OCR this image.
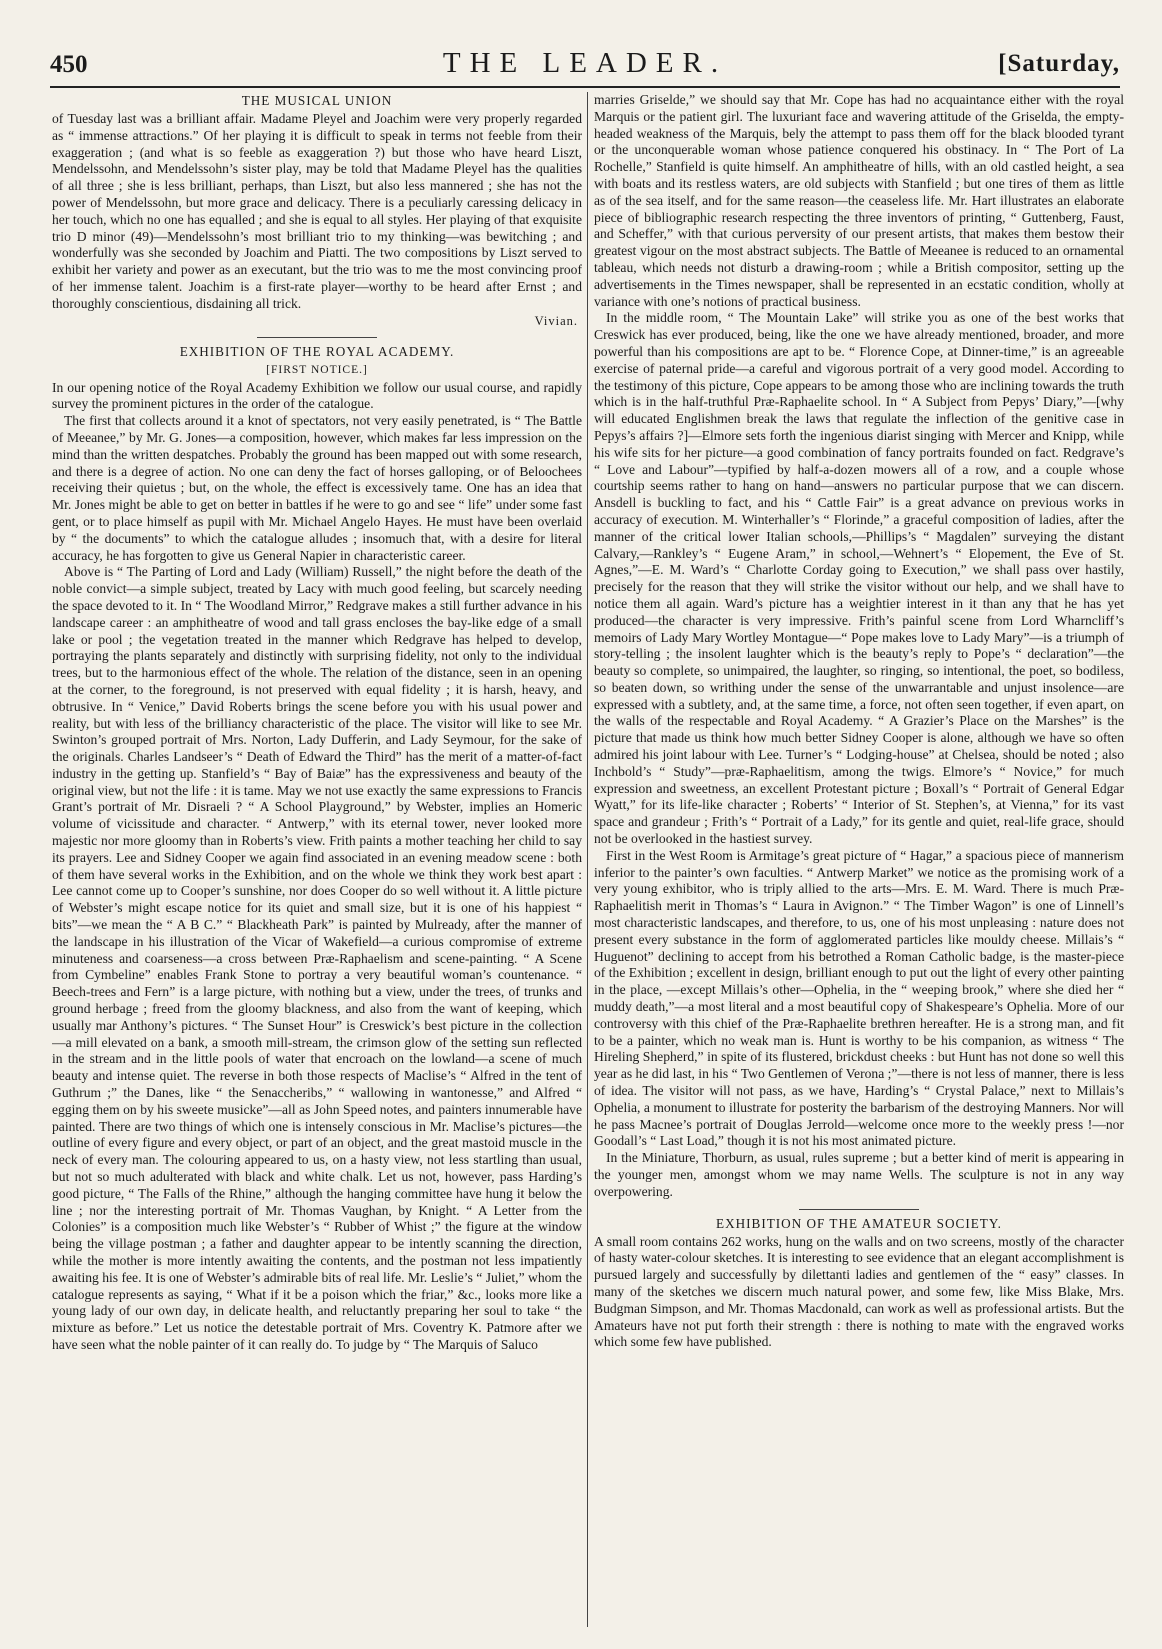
450	THE LEADER.	[Saturday,
THE MUSICAL UNION

of Tuesday last was a brilliant affair. Madame Pleyel and Joachim were very properly regarded as “ immense attractions.” Of her playing it is difficult to speak in terms not feeble from their exaggeration ; (and what is so feeble as exaggeration ?) but those who have heard Liszt, Mendelssohn, and Mendelssohn’s sister play, may be told that Madame Pleyel has the qualities of all three ; she is less brilliant, perhaps, than Liszt, but also less mannered ; she has not the power of Mendelssohn, but more grace and delicacy. There is a peculiarly caressing delicacy in her touch, which no one has equalled ; and she is equal to all styles. Her playing of that exquisite trio D minor (49)—Mendelssohn’s most brilliant trio to my thinking—was bewitching ; and wonderfully was she seconded by Joachim and Piatti. The two compositions by Liszt served to exhibit her variety and power as an executant, but the trio was to me the most convincing proof of her immense talent. Joachim is a first-rate player—worthy to be heard after Ernst ; and thoroughly conscientious, disdaining all trick.

Vivian.
EXHIBITION OF THE ROYAL ACADEMY.
[FIRST NOTICE.]

In our opening notice of the Royal Academy Exhibition we follow our usual course, and rapidly survey the prominent pictures in the order of the catalogue.

The first that collects around it a knot of spectators, not very easily penetrated, is “ The Battle of Meeanee,” by Mr. G. Jones—a composition, however, which makes far less impression on the mind than the written despatches. Probably the ground has been mapped out with some research, and there is a degree of action. No one can deny the fact of horses galloping, or of Beloochees receiving their quietus ; but, on the whole, the effect is excessively tame. One has an idea that Mr. Jones might be able to get on better in battles if he were to go and see “ life” under some fast gent, or to place himself as pupil with Mr. Michael Angelo Hayes. He must have been overlaid by “ the documents” to which the catalogue alludes ; insomuch that, with a desire for literal accuracy, he has forgotten to give us General Napier in characteristic career.

Above is “ The Parting of Lord and Lady (William) Russell,” the night before the death of the noble convict—a simple subject, treated by Lacy with much good feeling, but scarcely needing the space devoted to it. In “ The Woodland Mirror,” Redgrave makes a still further advance in his landscape career : an amphitheatre of wood and tall grass encloses the bay-like edge of a small lake or pool ; the vegetation treated in the manner which Redgrave has helped to develop, portraying the plants separately and distinctly with surprising fidelity, not only to the individual trees, but to the harmonious effect of the whole. The relation of the distance, seen in an opening at the corner, to the foreground, is not preserved with equal fidelity ; it is harsh, heavy, and obtrusive. In “ Venice,” David Roberts brings the scene before you with his usual power and reality, but with less of the brilliancy characteristic of the place. The visitor will like to see Mr. Swinton’s grouped portrait of Mrs. Norton, Lady Dufferin, and Lady Seymour, for the sake of the originals. Charles Landseer’s “ Death of Edward the Third” has the merit of a matter-of-fact industry in the getting up. Stanfield’s “ Bay of Baiæ” has the expressiveness and beauty of the original view, but not the life : it is tame. May we not use exactly the same expressions to Francis Grant’s portrait of Mr. Disraeli ? “ A School Playground,” by Webster, implies an Homeric volume of vicissitude and character. “ Antwerp,” with its eternal tower, never looked more majestic nor more gloomy than in Roberts’s view. Frith paints a mother teaching her child to say its prayers. Lee and Sidney Cooper we again find associated in an evening meadow scene : both of them have several works in the Exhibition, and on the whole we think they work best apart : Lee cannot come up to Cooper’s sunshine, nor does Cooper do so well without it. A little picture of Webster’s might escape notice for its quiet and small size, but it is one of his happiest “ bits”—we mean the “ A B C.” “ Blackheath Park” is painted by Mulready, after the manner of the landscape in his illustration of the Vicar of Wakefield—a curious compromise of extreme minuteness and coarseness—a cross between Præ-Raphaelism and scene-painting. “ A Scene from Cymbeline” enables Frank Stone to portray a very beautiful woman’s countenance. “ Beech-trees and Fern” is a large picture, with nothing but a view, under the trees, of trunks and ground herbage ; freed from the gloomy blackness, and also from the want of keeping, which usually mar Anthony’s pictures. “ The Sunset Hour” is Creswick’s best picture in the collection—a mill elevated on a bank, a smooth mill-stream, the crimson glow of the setting sun reflected in the stream and in the little pools of water that encroach on the lowland—a scene of much beauty and intense quiet. The reverse in both those respects of Maclise’s “ Alfred in the tent of Guthrum ;” the Danes, like “ the Senaccheribs,” “ wallowing in wantonesse,” and Alfred “ egging them on by his sweete musicke”—all as John Speed notes, and painters innumerable have painted. There are two things of which one is intensely conscious in Mr. Maclise’s pictures—the outline of every figure and every object, or part of an object, and the great mastoid muscle in the neck of every man. The colouring appeared to us, on a hasty view, not less startling than usual, but not so much adulterated with black and white chalk. Let us not, however, pass Harding’s good picture, “ The Falls of the Rhine,” although the hanging committee have hung it below the line ; nor the interesting portrait of Mr. Thomas Vaughan, by Knight. “ A Letter from the Colonies” is a composition much like Webster’s “ Rubber of Whist ;” the figure at the window being the village postman ; a father and daughter appear to be intently scanning the direction, while the mother is more intently awaiting the contents, and the postman not less impatiently awaiting his fee. It is one of Webster’s admirable bits of real life. Mr. Leslie’s “ Juliet,” whom the catalogue represents as saying, “ What if it be a poison which the friar,” &c., looks more like a young lady of our own day, in delicate health, and reluctantly preparing her soul to take “ the mixture as before.” Let us notice the detestable portrait of Mrs. Coventry K. Patmore after we have seen what the noble painter of it can really do. To judge by “ The Marquis of Saluco

marries Griselde,” we should say that Mr. Cope has had no acquaintance either with the royal Marquis or the patient girl. The luxuriant face and wavering attitude of the Griselda, the empty-headed weakness of the Marquis, bely the attempt to pass them off for the black blooded tyrant or the unconquerable woman whose patience conquered his obstinacy. In “ The Port of La Rochelle,” Stanfield is quite himself. An amphitheatre of hills, with an old castled height, a sea with boats and its restless waters, are old subjects with Stanfield ; but one tires of them as little as of the sea itself, and for the same reason—the ceaseless life. Mr. Hart illustrates an elaborate piece of bibliographic research respecting the three inventors of printing, “ Guttenberg, Faust, and Scheffer,” with that curious perversity of our present artists, that makes them bestow their greatest vigour on the most abstract subjects. The Battle of Meeanee is reduced to an ornamental tableau, which needs not disturb a drawing-room ; while a British compositor, setting up the advertisements in the Times newspaper, shall be represented in an ecstatic condition, wholly at variance with one’s notions of practical business.

In the middle room, “ The Mountain Lake” will strike you as one of the best works that Creswick has ever produced, being, like the one we have already mentioned, broader, and more powerful than his compositions are apt to be. “ Florence Cope, at Dinner-time,” is an agreeable exercise of paternal pride—a careful and vigorous portrait of a very good model. According to the testimony of this picture, Cope appears to be among those who are inclining towards the truth which is in the half-truthful Præ-Raphaelite school. In “ A Subject from Pepys’ Diary,”—[why will educated Englishmen break the laws that regulate the inflection of the genitive case in Pepys’s affairs ?]—Elmore sets forth the ingenious diarist singing with Mercer and Knipp, while his wife sits for her picture—a good combination of fancy portraits founded on fact. Redgrave’s “ Love and Labour”—typified by half-a-dozen mowers all of a row, and a couple whose courtship seems rather to hang on hand—answers no particular purpose that we can discern. Ansdell is buckling to fact, and his “ Cattle Fair” is a great advance on previous works in accuracy of execution. M. Winterhaller’s “ Florinde,” a graceful composition of ladies, after the manner of the critical lower Italian schools,—Phillips’s “ Magdalen” surveying the distant Calvary,—Rankley’s “ Eugene Aram,” in school,—Wehnert’s “ Elopement, the Eve of St. Agnes,”—E. M. Ward’s “ Charlotte Corday going to Execution,” we shall pass over hastily, precisely for the reason that they will strike the visitor without our help, and we shall have to notice them all again. Ward’s picture has a weightier interest in it than any that he has yet produced—the character is very impressive. Frith’s painful scene from Lord Wharncliff’s memoirs of Lady Mary Wortley Montague—“ Pope makes love to Lady Mary”—is a triumph of story-telling ; the insolent laughter which is the beauty’s reply to Pope’s “ declaration”—the beauty so complete, so unimpaired, the laughter, so ringing, so intentional, the poet, so bodiless, so beaten down, so writhing under the sense of the unwarrantable and unjust insolence—are expressed with a subtlety, and, at the same time, a force, not often seen together, if even apart, on the walls of the respectable and Royal Academy. “ A Grazier’s Place on the Marshes” is the picture that made us think how much better Sidney Cooper is alone, although we have so often admired his joint labour with Lee. Turner’s “ Lodging-house” at Chelsea, should be noted ; also Inchbold’s “ Study”—præ-Raphaelitism, among the twigs. Elmore’s “ Novice,” for much expression and sweetness, an excellent Protestant picture ; Boxall’s “ Portrait of General Edgar Wyatt,” for its life-like character ; Roberts’ “ Interior of St. Stephen’s, at Vienna,” for its vast space and grandeur ; Frith’s “ Portrait of a Lady,” for its gentle and quiet, real-life grace, should not be overlooked in the hastiest survey.

First in the West Room is Armitage’s great picture of “ Hagar,” a spacious piece of mannerism inferior to the painter’s own faculties. “ Antwerp Market” we notice as the promising work of a very young exhibitor, who is triply allied to the arts—Mrs. E. M. Ward. There is much Præ-Raphaelitish merit in Thomas’s “ Laura in Avignon.” “ The Timber Wagon” is one of Linnell’s most characteristic landscapes, and therefore, to us, one of his most unpleasing : nature does not present every substance in the form of agglomerated particles like mouldy cheese. Millais’s “ Huguenot” declining to accept from his betrothed a Roman Catholic badge, is the master-piece of the Exhibition ; excellent in design, brilliant enough to put out the light of every other painting in the place, —except Millais’s other—Ophelia, in the “ weeping brook,” where she died her “ muddy death,”—a most literal and a most beautiful copy of Shakespeare’s Ophelia. More of our controversy with this chief of the Præ-Raphaelite brethren hereafter. He is a strong man, and fit to be a painter, which no weak man is. Hunt is worthy to be his companion, as witness “ The Hireling Shepherd,” in spite of its flustered, brickdust cheeks : but Hunt has not done so well this year as he did last, in his “ Two Gentlemen of Verona ;”—there is not less of manner, there is less of idea. The visitor will not pass, as we have, Harding’s “ Crystal Palace,” next to Millais’s Ophelia, a monument to illustrate for posterity the barbarism of the destroying Manners. Nor will he pass Macnee’s portrait of Douglas Jerrold—welcome once more to the weekly press !—nor Goodall’s “ Last Load,” though it is not his most animated picture.

In the Miniature, Thorburn, as usual, rules supreme ; but a better kind of merit is appearing in the younger men, amongst whom we may name Wells. The sculpture is not in any way overpowering.

EXHIBITION OF THE AMATEUR SOCIETY.

A small room contains 262 works, hung on the walls and on two screens, mostly of the character of hasty water-colour sketches. It is interesting to see evidence that an elegant accomplishment is pursued largely and successfully by dilettanti ladies and gentlemen of the “ easy” classes. In many of the sketches we discern much natural power, and some few, like Miss Blake, Mrs. Budgman Simpson, and Mr. Thomas Macdonald, can work as well as professional artists. But the Amateurs have not put forth their strength : there is nothing to mate with the engraved works which some few have published.
